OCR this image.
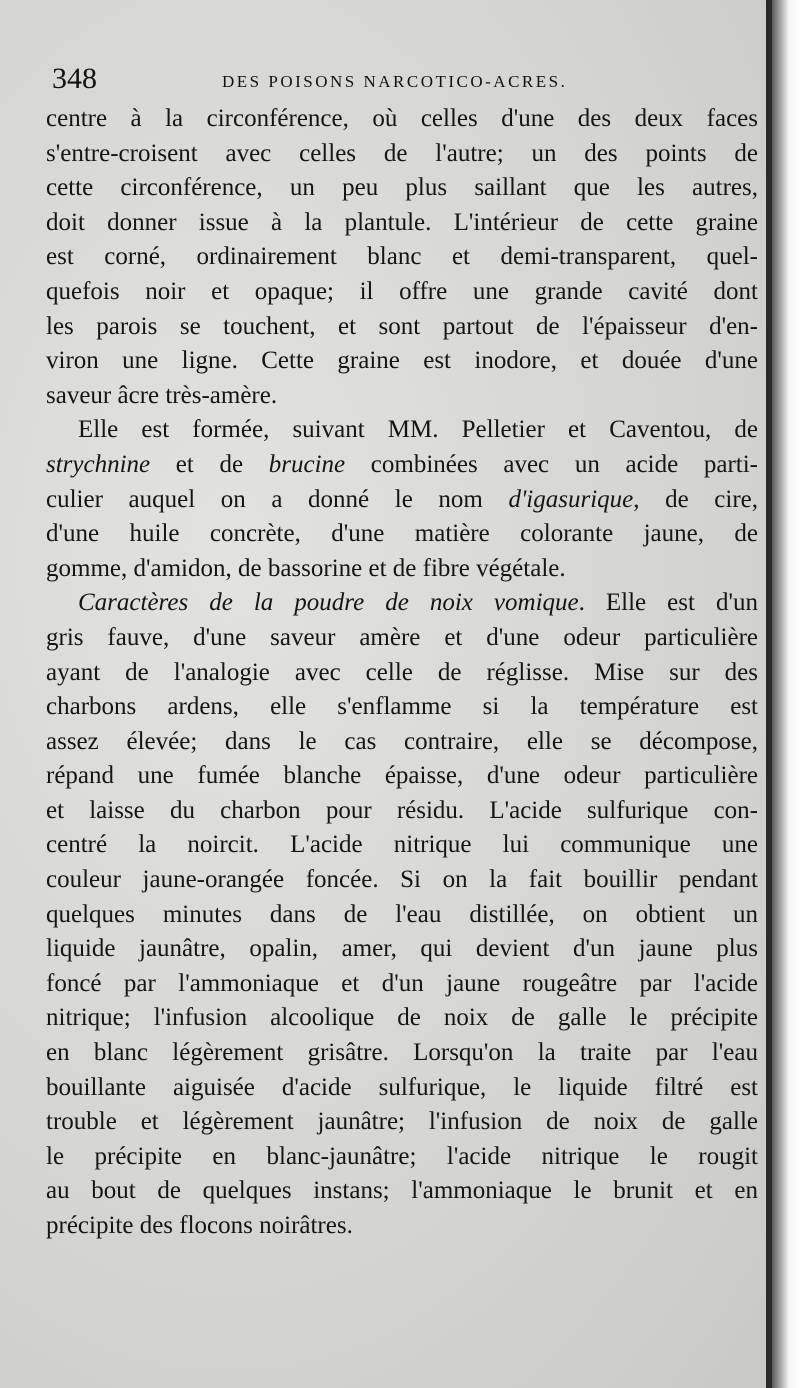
348	DES POISONS NARCOTICO-ACRES.
centre à la circonférence, où celles d'une des deux faces
s'entre-croisent avec celles de l'autre; un des points de
cette circonférence, un peu plus saillant que les autres,
doit donner issue à la plantule. L'intérieur de cette graine
est corné, ordinairement blanc et demi-transparent, quel-
quefois noir et opaque; il offre une grande cavité dont
les parois se touchent, et sont partout de l'épaisseur d'en-
viron une ligne. Cette graine est inodore, et douée d'une
saveur âcre très-amère.
Elle est formée, suivant MM. Pelletier et Caventou, de
strychnine et de brucine combinées avec un acide parti-
culier auquel on a donné le nom d'igasurique, de cire,
d'une huile concrète, d'une matière colorante jaune, de
gomme, d'amidon, de bassorine et de fibre végétale.
Caractères de la poudre de noix vomique. Elle est d'un
gris fauve, d'une saveur amère et d'une odeur particulière
ayant de l'analogie avec celle de réglisse. Mise sur des
charbons ardens, elle s'enflamme si la température est
assez élevée; dans le cas contraire, elle se décompose,
répand une fumée blanche épaisse, d'une odeur particulière
et laisse du charbon pour résidu. L'acide sulfurique con-
centré la noircit. L'acide nitrique lui communique une
couleur jaune-orangée foncée. Si on la fait bouillir pendant
quelques minutes dans de l'eau distillée, on obtient un
liquide jaunâtre, opalin, amer, qui devient d'un jaune plus
foncé par l'ammoniaque et d'un jaune rougeâtre par l'acide
nitrique; l'infusion alcoolique de noix de galle le précipite
en blanc légèrement grisâtre. Lorsqu'on la traite par l'eau
bouillante aiguisée d'acide sulfurique, le liquide filtré est
trouble et légèrement jaunâtre; l'infusion de noix de galle
le précipite en blanc-jaunâtre; l'acide nitrique le rougit
au bout de quelques instans; l'ammoniaque le brunit et en
précipite des flocons noirâtres.
